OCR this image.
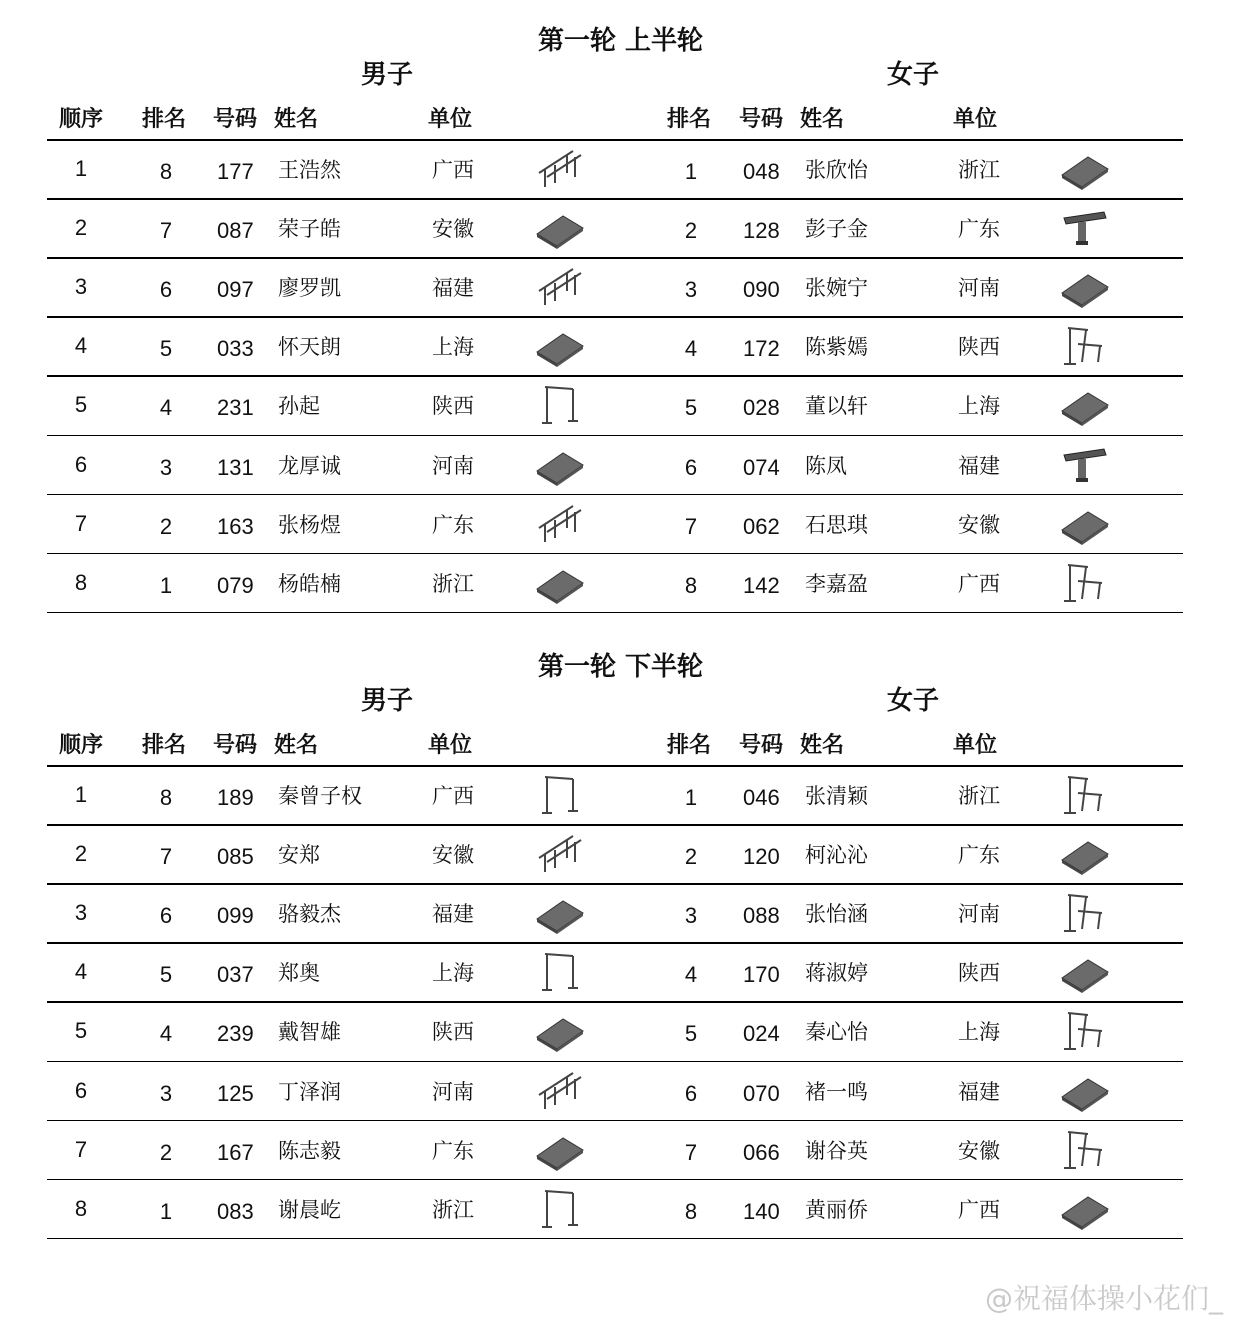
第一轮 上半轮
男子	女子
顺序 排名 号码 姓名	单位	排名 号码 姓名	单位
1	8	177 王浩然	广西	1	048 张欣怡	浙江
2	7	087 荣子皓	安徽	2	128 彭子金	广东
3	6	097 廖罗凯	福建	3	090 张婉宁	河南
4	5	033 怀天朗	上海	4	172 陈紫嫣	陕西
5	4	231 孙起	陕西	5	028 董以轩	上海
6	3	131 龙厚诚	河南	6	074 陈凤	福建
7	2	163 张杨煜	广东	7	062 石思琪	安徽
8	1	079 杨皓楠	浙江	8	142 李嘉盈	广西
第一轮 下半轮
男子	女子
顺序 排名 号码 姓名	单位	排名 号码 姓名	单位
1	8	189 秦曾子权	广西	1	046 张清颖	浙江
2	7	085 安郑	安徽	2	120 柯沁沁	广东
3	6	099 骆毅杰	福建	3	088 张怡涵	河南
4	5	037 郑奥	上海	4	170 蒋淑婷	陕西
5	4	239 戴智雄	陕西	5	024 秦心怡	上海
6	3	125 丁泽润	河南	6	070 褚一鸣	福建
7	2	167 陈志毅	广东	7	066 谢谷英	安徽
8	1	083 谢晨屹	浙江	8	140 黄丽侨	广西
@祝福体操小花们_
